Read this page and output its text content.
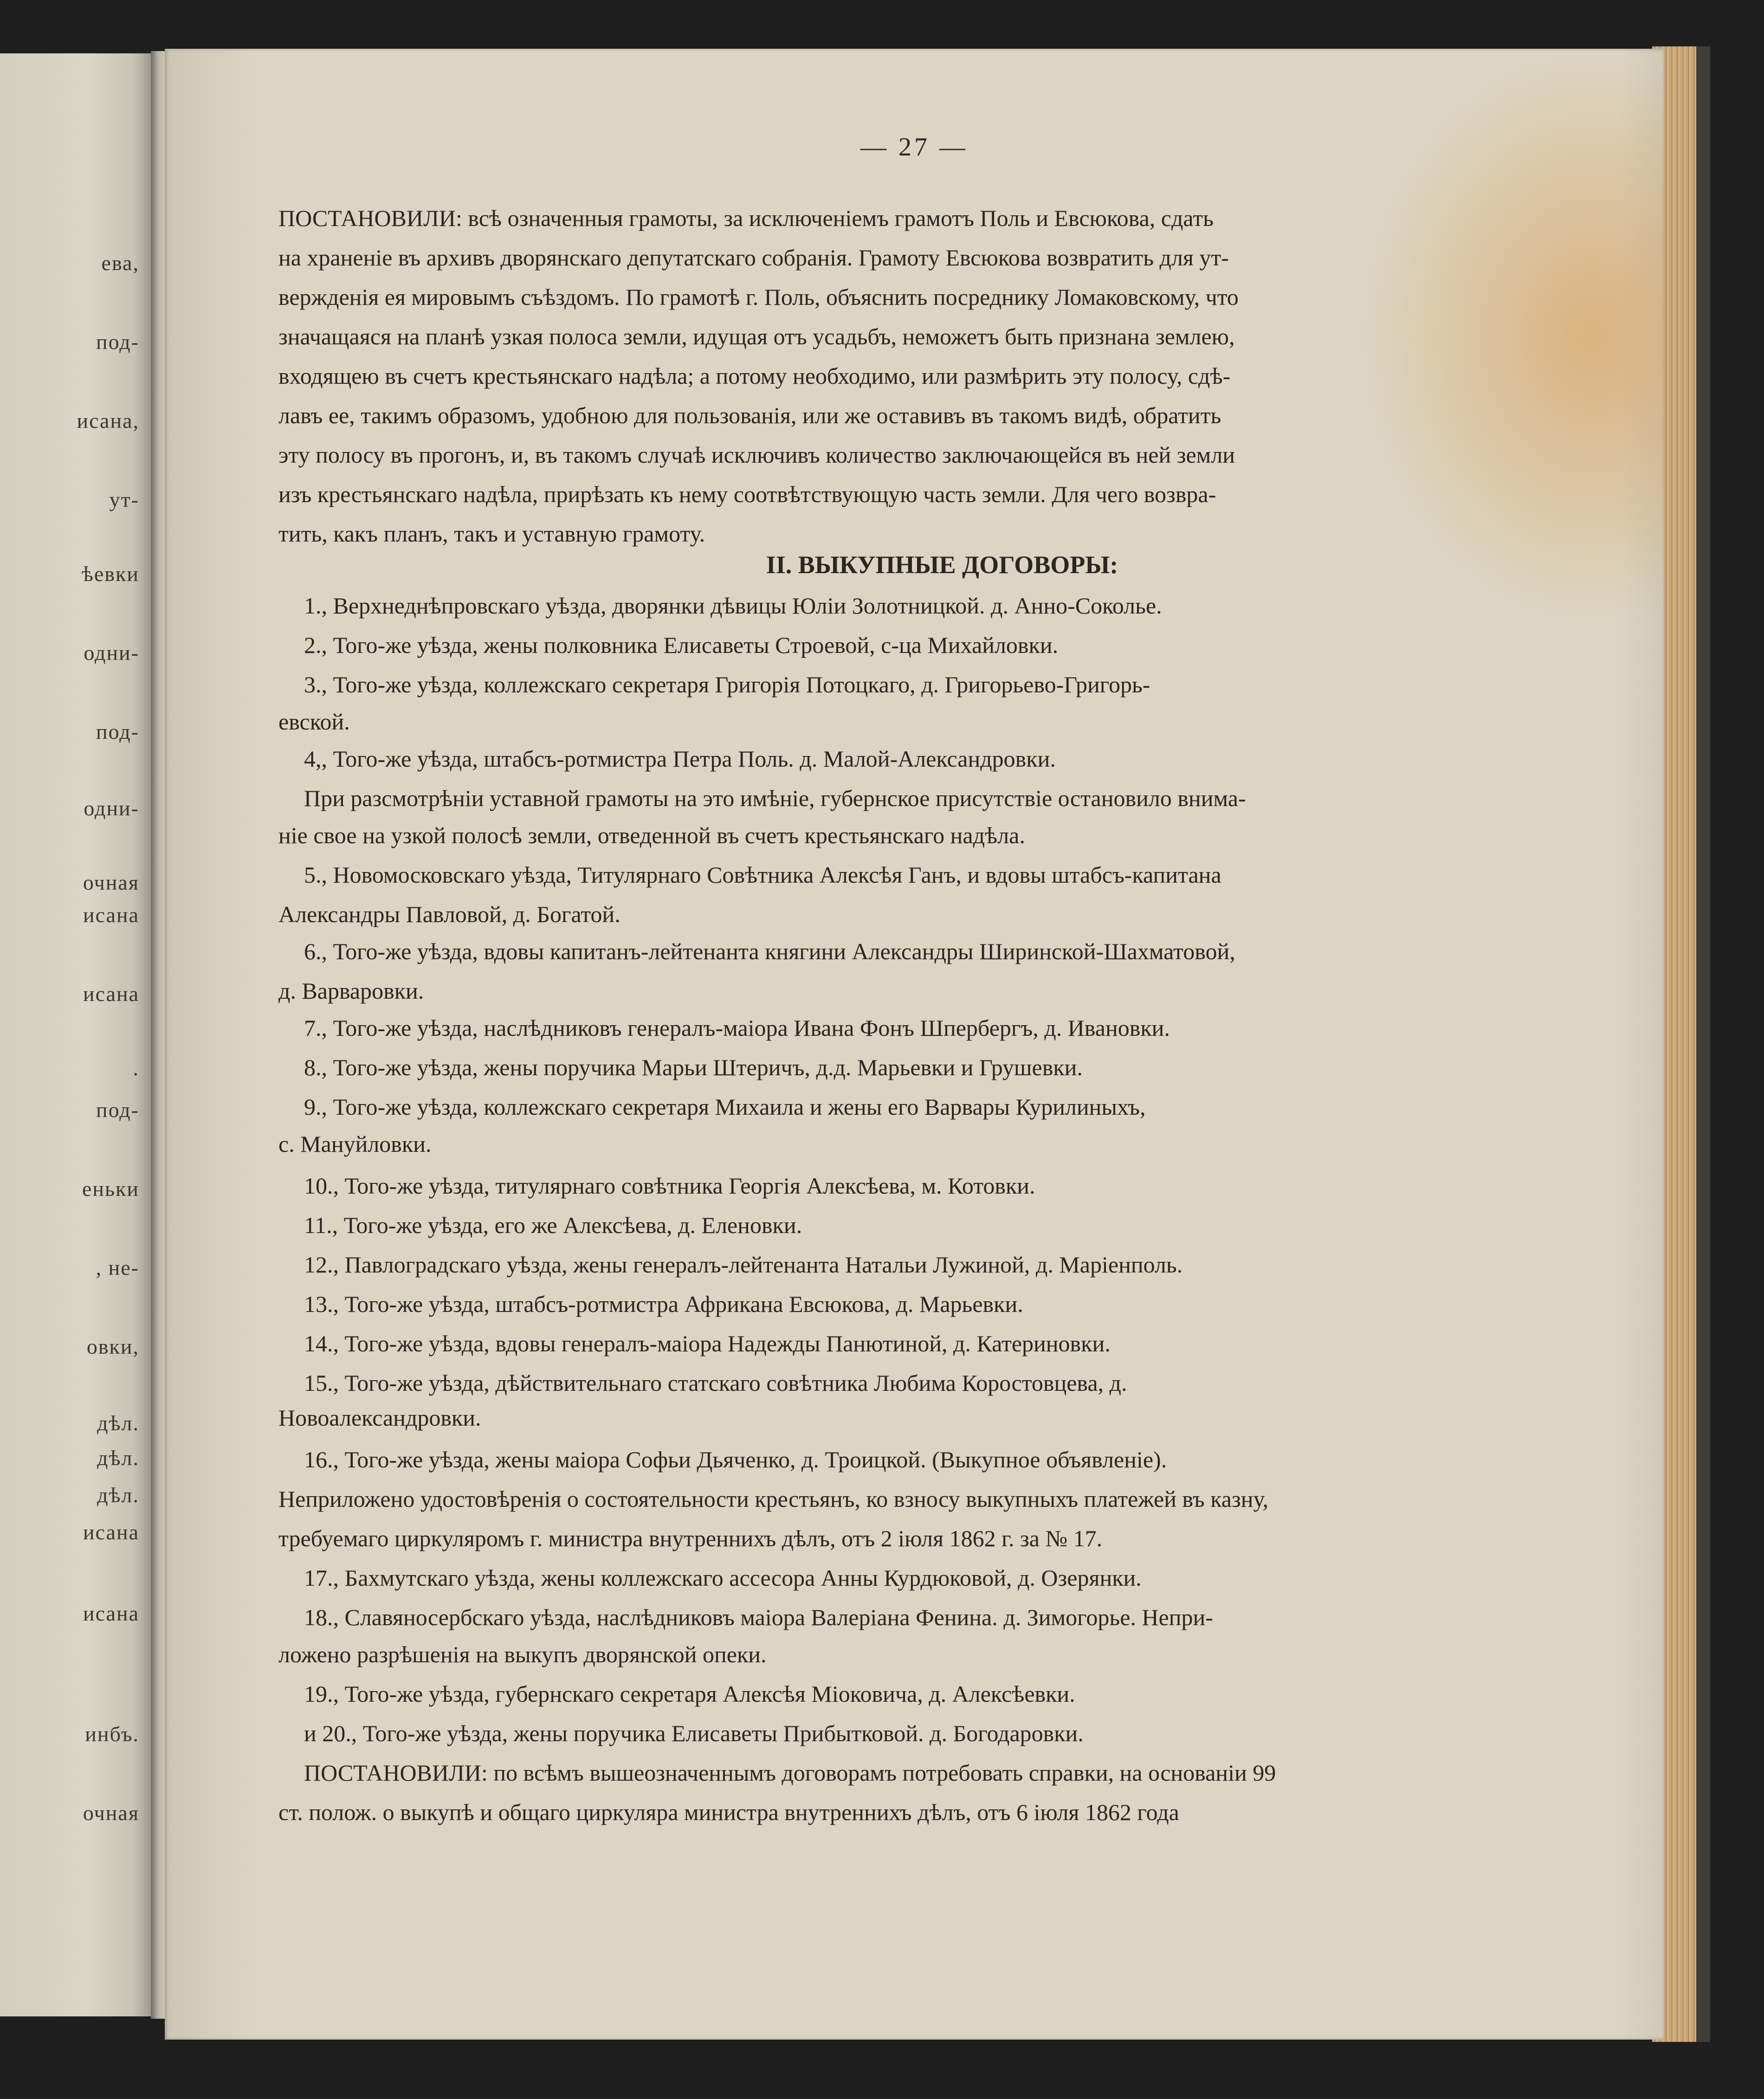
ева,
под-
исана,
ут-
ѣевки
одни-
под-
одни-
очная
исана
исана
.
под-
еньки
, не-
овки,
дѣл.
дѣл.
дѣл.
исана
исана
инбъ.
очная
— 27 —
ПОСТАНОВИЛИ: всѣ означенныя грамоты, за исключеніемъ грамотъ Поль и Евсюкова, сдать
на храненіе въ архивъ дворянскаго депутатскаго собранія. Грамоту Евсюкова возвратить для ут-
вержденія ея мировымъ съѣздомъ. По грамотѣ г. Поль, объяснить посреднику Ломаковскому, что
значащаяся на планѣ узкая полоса земли, идущая отъ усадьбъ, неможетъ быть признана землею,
входящею въ счетъ крестьянскаго надѣла; а потому необходимо, или размѣрить эту полосу, сдѣ-
лавъ ее, такимъ образомъ, удобною для пользованія, или же оставивъ въ такомъ видѣ, обратить
эту полосу въ прогонъ, и, въ такомъ случаѣ исключивъ количество заключающейся въ ней земли
изъ крестьянскаго надѣла, прирѣзать къ нему соотвѣтствующую часть земли. Для чего возвра-
тить, какъ планъ, такъ и уставную грамоту.
II. ВЫКУПНЫЕ ДОГОВОРЫ:
1., Верхнеднѣпровскаго уѣзда, дворянки дѣвицы Юліи Золотницкой. д. Анно-Соколье.
2., Того-же уѣзда, жены полковника Елисаветы Строевой, с-ца Михайловки.
3., Того-же уѣзда, коллежскаго секретаря Григорія Потоцкаго, д. Григорьево-Григорь-
евской.
4,, Того-же уѣзда, штабсъ-ротмистра Петра Поль. д. Малой-Александровки.
При разсмотрѣніи уставной грамоты на это имѣніе, губернское присутствіе остановило внима-
ніе свое на узкой полосѣ земли, отведенной въ счетъ крестьянскаго надѣла.
5., Новомосковскаго уѣзда, Титулярнаго Совѣтника Алексѣя Ганъ, и вдовы штабсъ-капитана
Александры Павловой, д. Богатой.
6., Того-же уѣзда, вдовы капитанъ-лейтенанта княгини Александры Ширинской-Шахматовой,
д. Варваровки.
7., Того-же уѣзда, наслѣдниковъ генералъ-маіора Ивана Фонъ Шпербергъ, д. Ивановки.
8., Того-же уѣзда, жены поручика Марьи Штеричъ, д.д. Марьевки и Грушевки.
9., Того-же уѣзда, коллежскаго секретаря Михаила и жены его Варвары Курилиныхъ,
с. Мануйловки.
10., Того-же уѣзда, титулярнаго совѣтника Георгія Алексѣева, м. Котовки.
11., Того-же уѣзда, его же Алексѣева, д. Еленовки.
12., Павлоградскаго уѣзда, жены генералъ-лейтенанта Натальи Лужиной, д. Маріенполь.
13., Того-же уѣзда, штабсъ-ротмистра Африкана Евсюкова, д. Марьевки.
14., Того-же уѣзда, вдовы генералъ-маіора Надежды Панютиной, д. Катериновки.
15., Того-же уѣзда, дѣйствительнаго статскаго совѣтника Любима Коростовцева, д.
Новоалександровки.
16., Того-же уѣзда, жены маіора Софьи Дьяченко, д. Троицкой. (Выкупное объявленіе).
Неприложено удостовѣренія о состоятельности крестьянъ, ко взносу выкупныхъ платежей въ казну,
требуемаго циркуляромъ г. министра внутреннихъ дѣлъ, отъ 2 іюля 1862 г. за № 17.
17., Бахмутскаго уѣзда, жены коллежскаго ассесора Анны Курдюковой, д. Озерянки.
18., Славяносербскаго уѣзда, наслѣдниковъ маіора Валеріана Фенина. д. Зимогорье. Непри-
ложено разрѣшенія на выкупъ дворянской опеки.
19., Того-же уѣзда, губернскаго секретаря Алексѣя Міоковича, д. Алексѣевки.
и 20., Того-же уѣзда, жены поручика Елисаветы Прибытковой. д. Богодаровки.
ПОСТАНОВИЛИ: по всѣмъ вышеозначеннымъ договорамъ потребовать справки, на основаніи 99
ст. полож. о выкупѣ и общаго циркуляра министра внутреннихъ дѣлъ, отъ 6 іюля 1862 года
